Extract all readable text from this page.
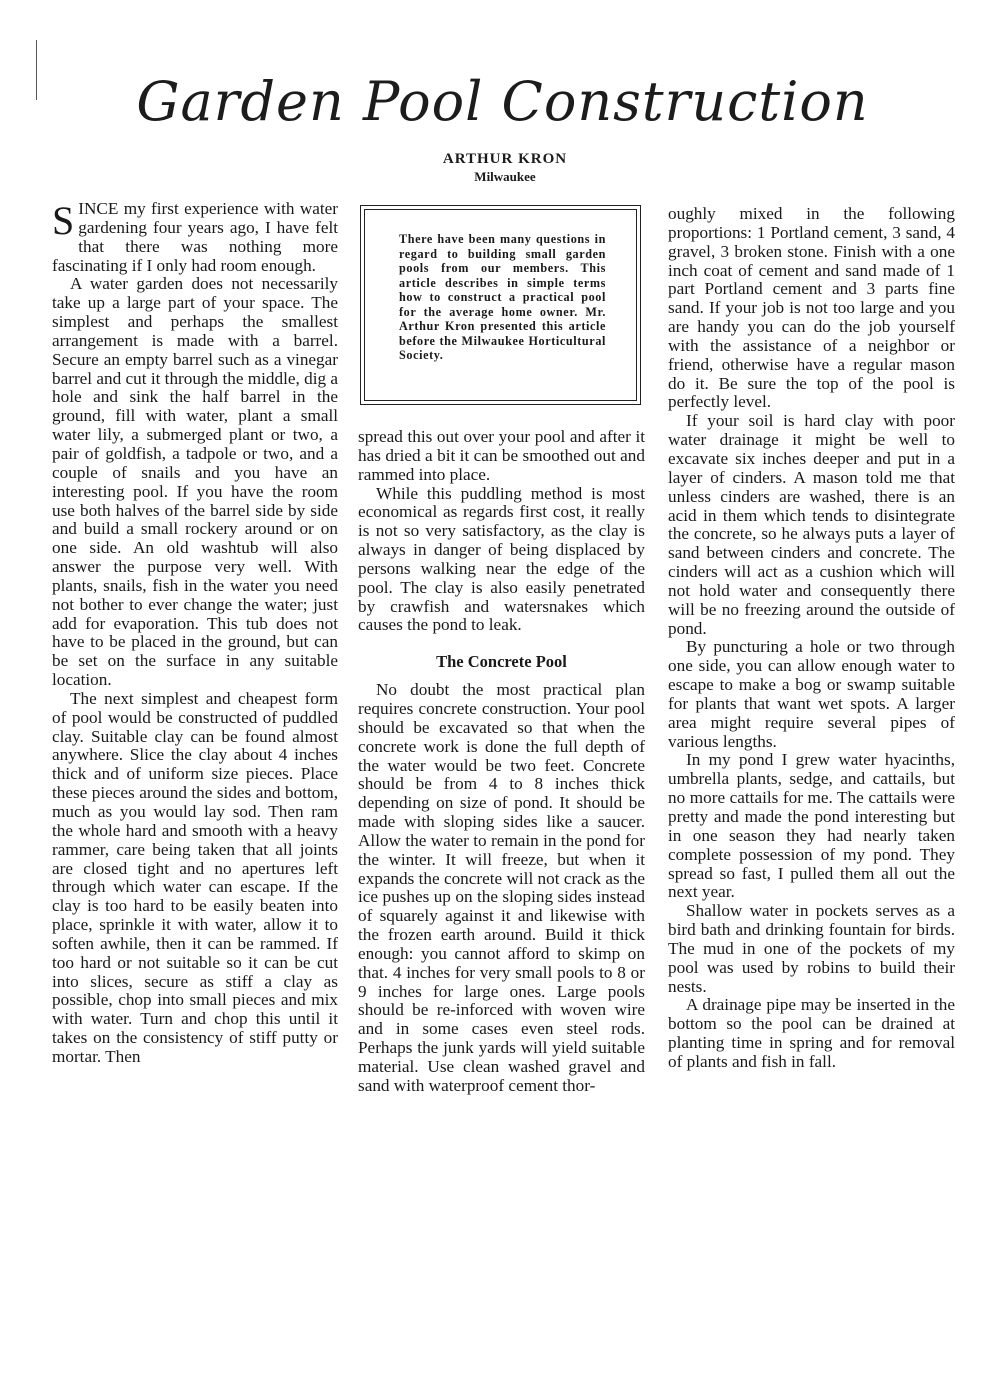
Garden Pool Construction
ARTHUR KRON
Milwaukee

SINCE my first experience with water gardening four years ago, I have felt that there was nothing more fascinating if I only had room enough.

A water garden does not necessarily take up a large part of your space. The simplest and perhaps the smallest arrangement is made with a barrel. Secure an empty barrel such as a vinegar barrel and cut it through the middle, dig a hole and sink the half barrel in the ground, fill with water, plant a small water lily, a submerged plant or two, a pair of goldfish, a tadpole or two, and a couple of snails and you have an interesting pool. If you have the room use both halves of the barrel side by side and build a small rockery around or on one side. An old washtub will also answer the purpose very well. With plants, snails, fish in the water you need not bother to ever change the water; just add for evaporation. This tub does not have to be placed in the ground, but can be set on the surface in any suitable location.

The next simplest and cheapest form of pool would be constructed of puddled clay. Suitable clay can be found almost anywhere. Slice the clay about 4 inches thick and of uniform size pieces. Place these pieces around the sides and bottom, much as you would lay sod. Then ram the whole hard and smooth with a heavy rammer, care being taken that all joints are closed tight and no apertures left through which water can escape. If the clay is too hard to be easily beaten into place, sprinkle it with water, allow it to soften awhile, then it can be rammed. If too hard or not suitable so it can be cut into slices, secure as stiff a clay as possible, chop into small pieces and mix with water. Turn and chop this until it takes on the consistency of stiff putty or mortar. Then

There have been many questions in regard to building small garden pools from our members. This article describes in simple terms how to construct a practical pool for the average home owner. Mr. Arthur Kron presented this article before the Milwaukee Horticultural Society.

spread this out over your pool and after it has dried a bit it can be smoothed out and rammed into place.

While this puddling method is most economical as regards first cost, it really is not so very satisfactory, as the clay is always in danger of being displaced by persons walking near the edge of the pool. The clay is also easily penetrated by crawfish and watersnakes which causes the pond to leak.

The Concrete Pool

No doubt the most practical plan requires concrete construction. Your pool should be excavated so that when the concrete work is done the full depth of the water would be two feet. Concrete should be from 4 to 8 inches thick depending on size of pond. It should be made with sloping sides like a saucer. Allow the water to remain in the pond for the winter. It will freeze, but when it expands the concrete will not crack as the ice pushes up on the sloping sides instead of squarely against it and likewise with the frozen earth around. Build it thick enough: you cannot afford to skimp on that. 4 inches for very small pools to 8 or 9 inches for large ones. Large pools should be re-inforced with woven wire and in some cases even steel rods. Perhaps the junk yards will yield suitable material. Use clean washed gravel and sand with waterproof cement thor-

oughly mixed in the following proportions: 1 Portland cement, 3 sand, 4 gravel, 3 broken stone. Finish with a one inch coat of cement and sand made of 1 part Portland cement and 3 parts fine sand. If your job is not too large and you are handy you can do the job yourself with the assistance of a neighbor or friend, otherwise have a regular mason do it. Be sure the top of the pool is perfectly level.

If your soil is hard clay with poor water drainage it might be well to excavate six inches deeper and put in a layer of cinders. A mason told me that unless cinders are washed, there is an acid in them which tends to disintegrate the concrete, so he always puts a layer of sand between cinders and concrete. The cinders will act as a cushion which will not hold water and consequently there will be no freezing around the outside of pond.

By puncturing a hole or two through one side, you can allow enough water to escape to make a bog or swamp suitable for plants that want wet spots. A larger area might require several pipes of various lengths.

In my pond I grew water hyacinths, umbrella plants, sedge, and cattails, but no more cattails for me. The cattails were pretty and made the pond interesting but in one season they had nearly taken complete possession of my pond. They spread so fast, I pulled them all out the next year.

Shallow water in pockets serves as a bird bath and drinking fountain for birds. The mud in one of the pockets of my pool was used by robins to build their nests.

A drainage pipe may be inserted in the bottom so the pool can be drained at planting time in spring and for removal of plants and fish in fall.
